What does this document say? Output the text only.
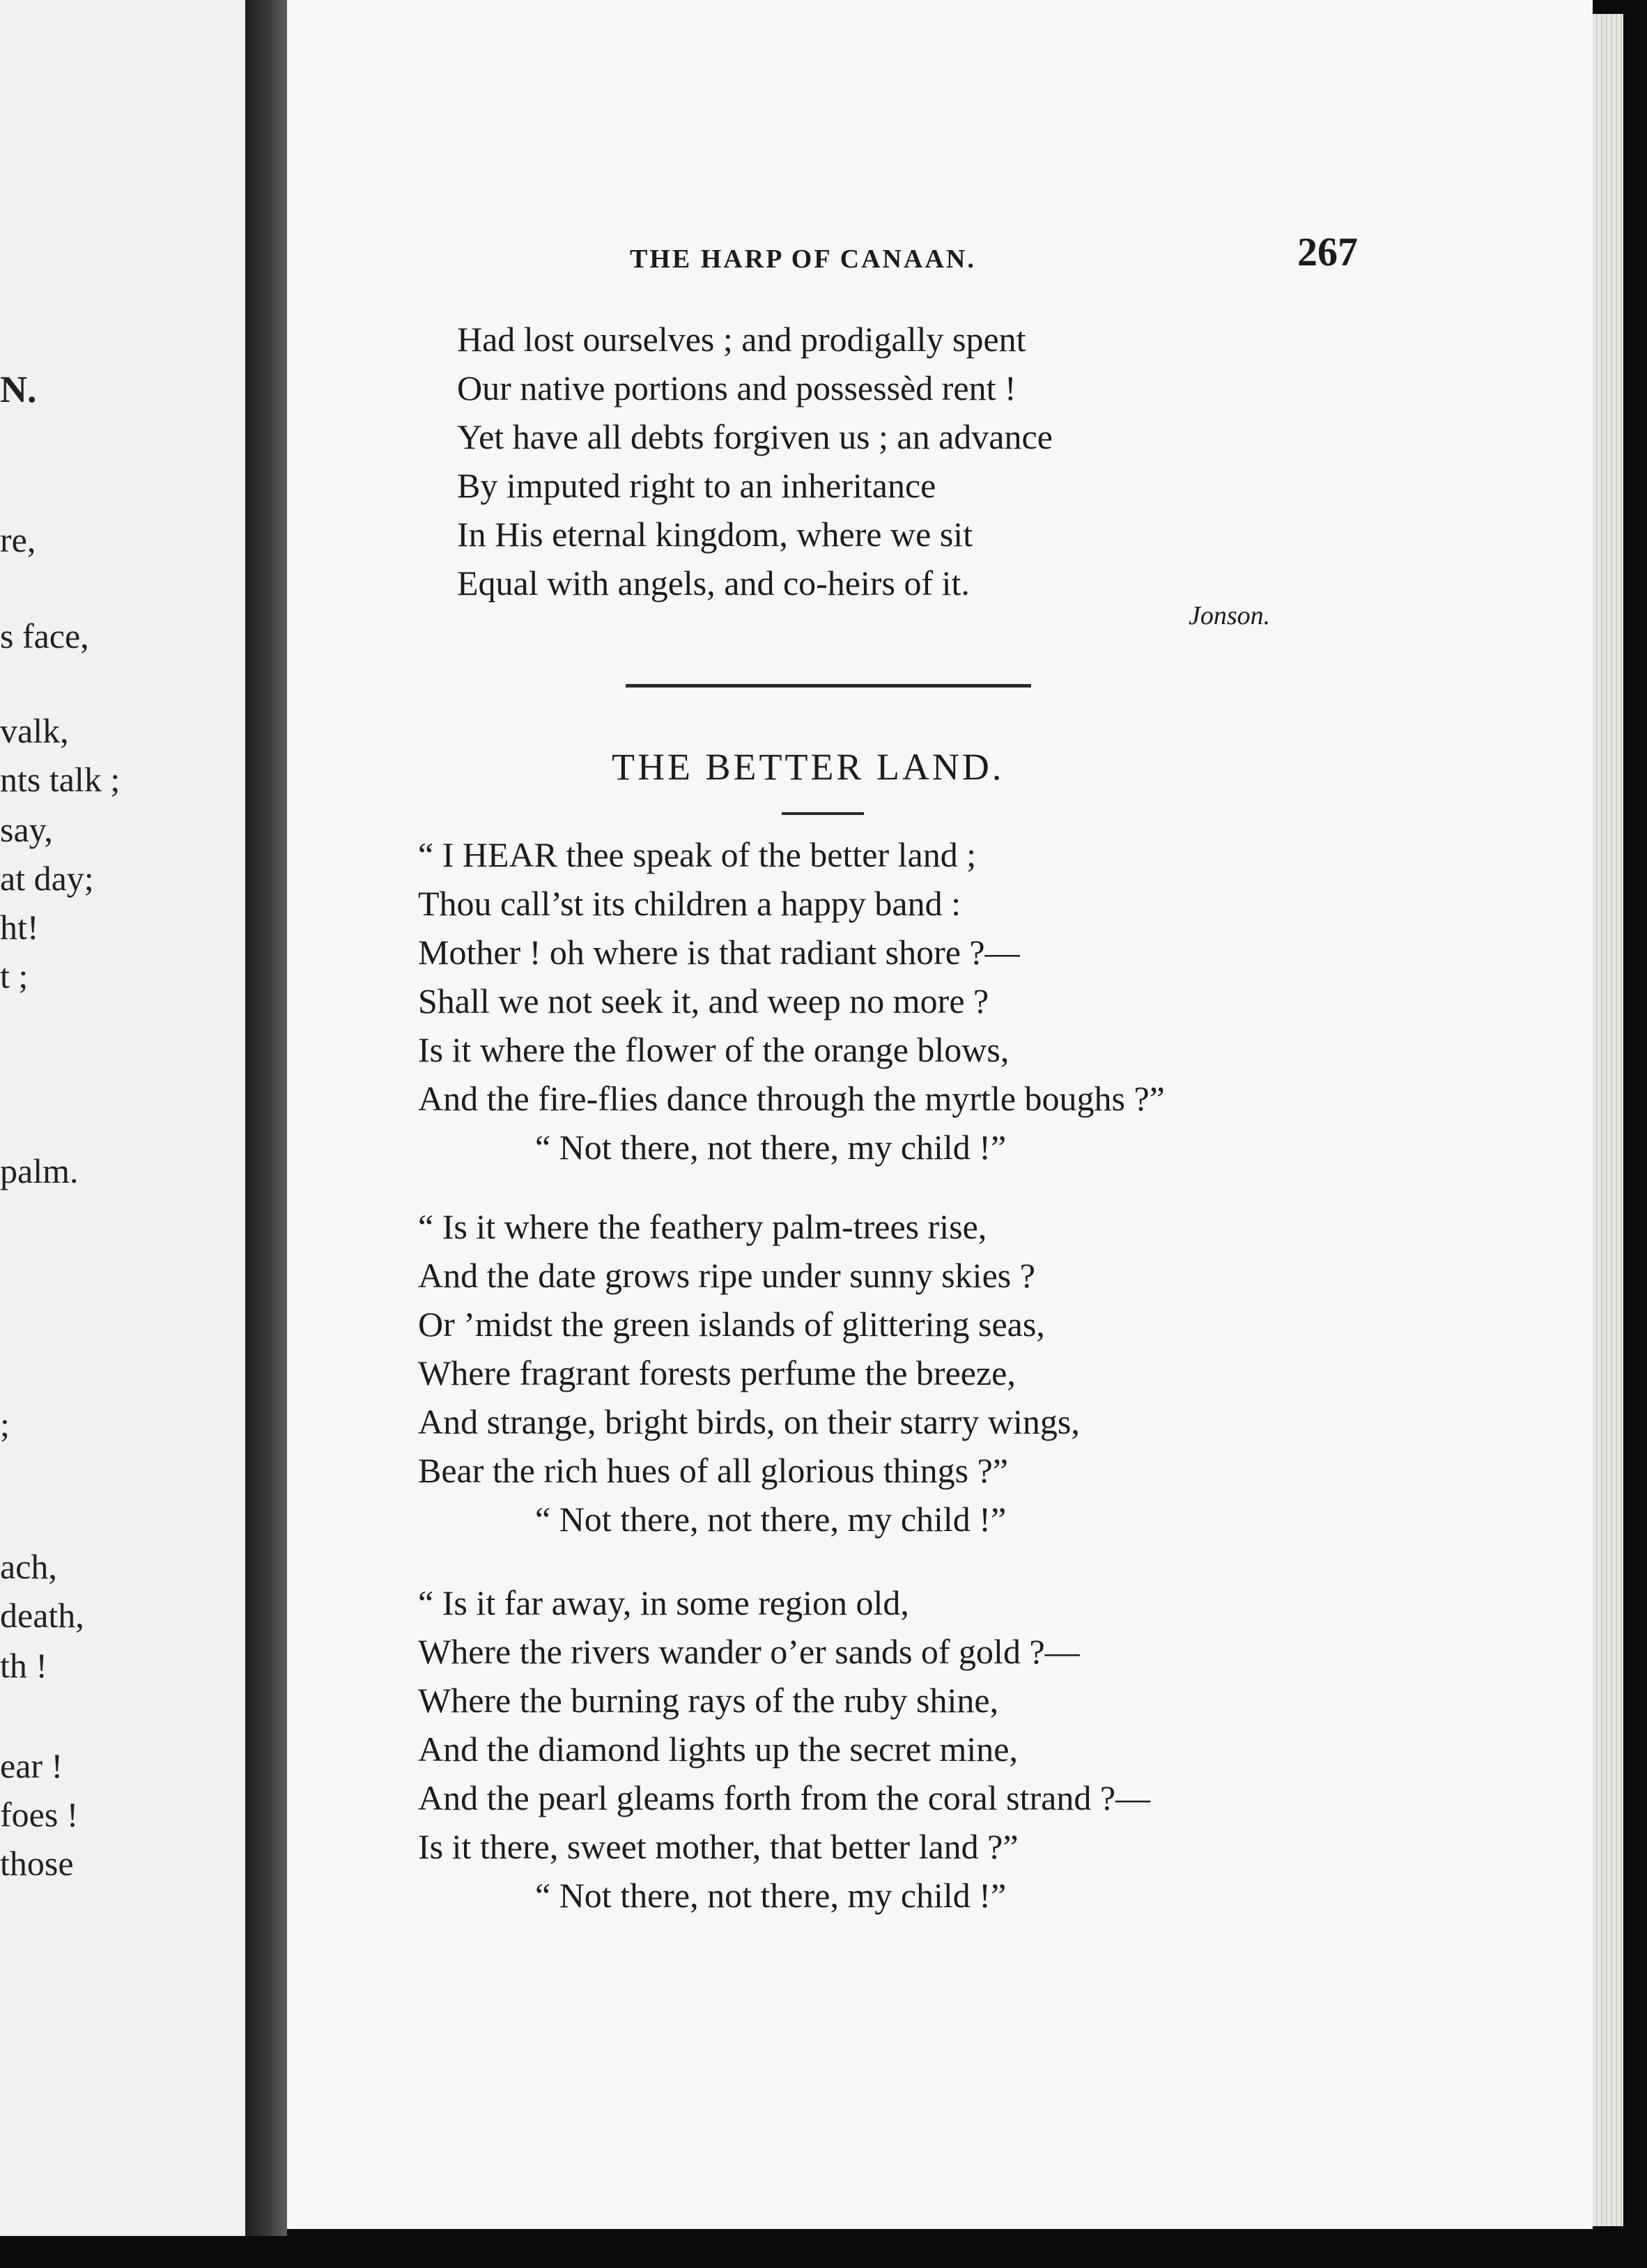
N.

re,

s face,

valk,

nts talk ;

say,

at day;

ht!

t ;

palm.

;

ach,

death,

th !

ear !

foes !

those

THE HARP OF CANAAN.	267

Had lost ourselves ; and prodigally spent
Our native portions and possessèd rent !
Yet have all debts forgiven us ; an advance
By imputed right to an inheritance
In His eternal kingdom, where we sit
Equal with angels, and co-heirs of it.

Jonson.

THE BETTER LAND.

“ I HEAR thee speak of the better land ;
Thou call’st its children a happy band :
Mother ! oh where is that radiant shore ?—
Shall we not seek it, and weep no more ?
Is it where the flower of the orange blows,
And the fire-flies dance through the myrtle boughs ?”
“ Not there, not there, my child !”
“ Is it where the feathery palm-trees rise,
And the date grows ripe under sunny skies ?
Or ’midst the green islands of glittering seas,
Where fragrant forests perfume the breeze,
And strange, bright birds, on their starry wings,
Bear the rich hues of all glorious things ?”
“ Not there, not there, my child !”
“ Is it far away, in some region old,
Where the rivers wander o’er sands of gold ?—
Where the burning rays of the ruby shine,
And the diamond lights up the secret mine,
And the pearl gleams forth from the coral strand ?—
Is it there, sweet mother, that better land ?”
“ Not there, not there, my child !”
